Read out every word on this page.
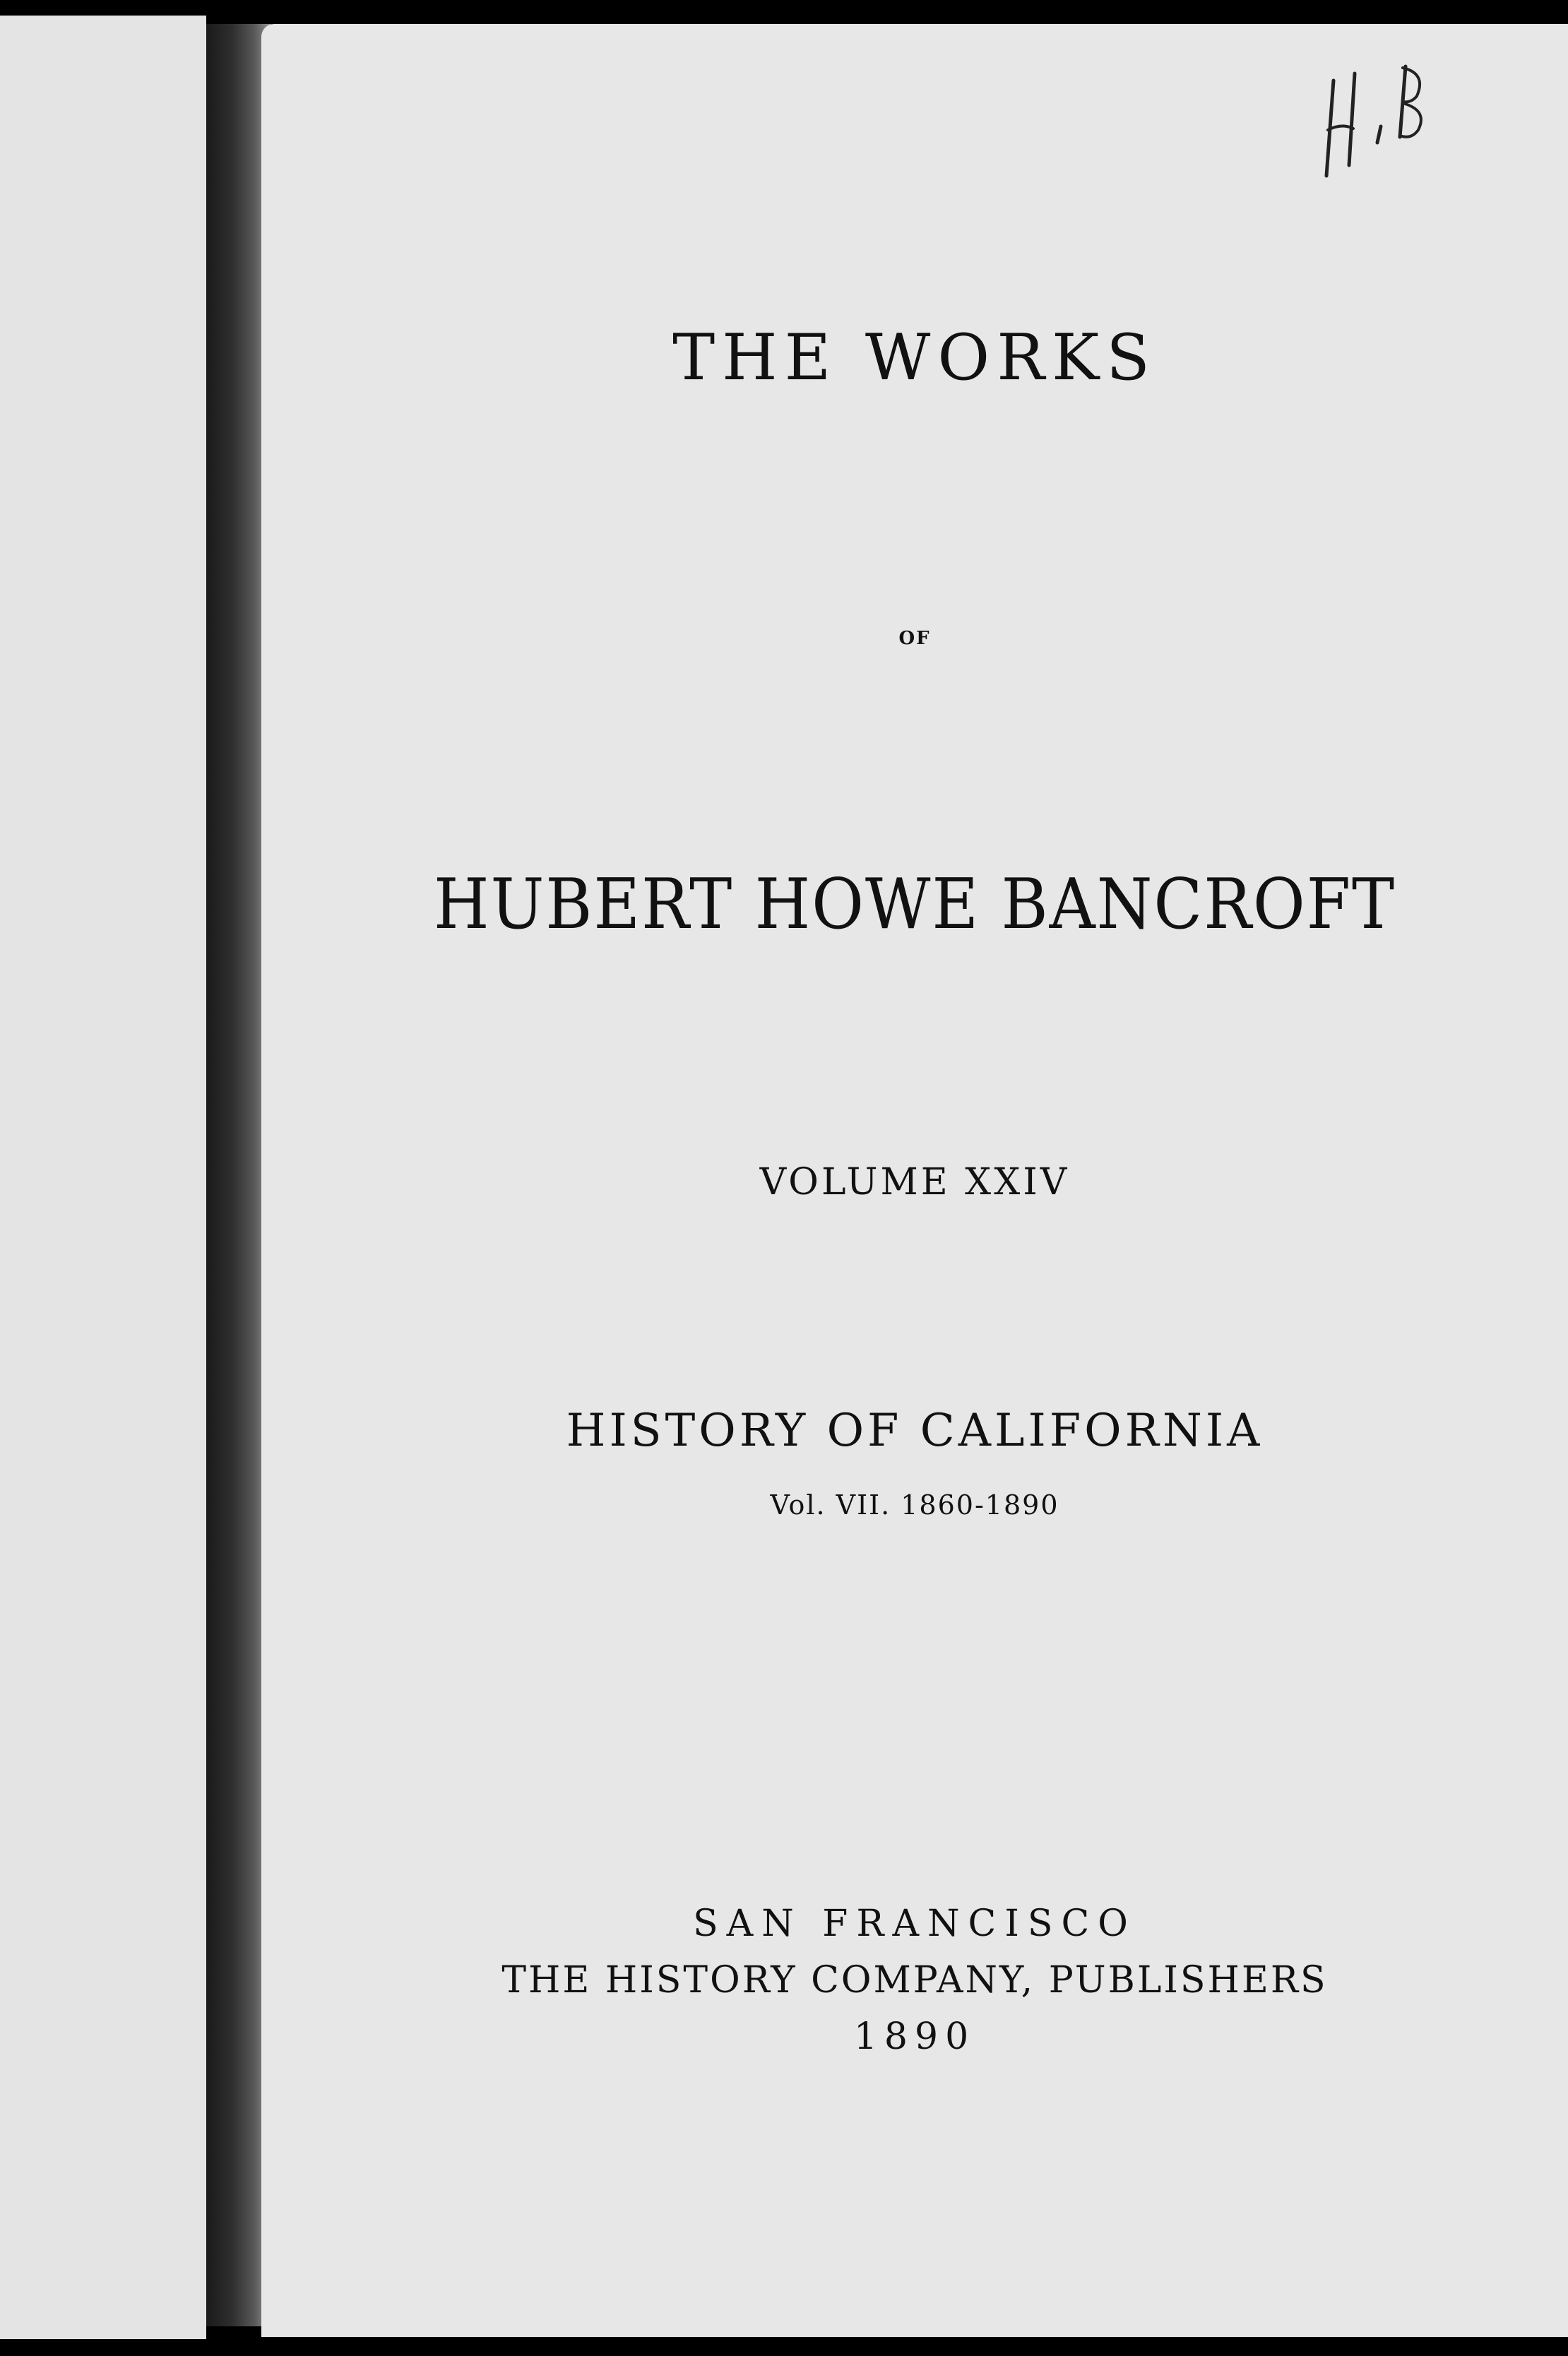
THE WORKS
OF
HUBERT HOWE BANCROFT
VOLUME XXIV
HISTORY OF CALIFORNIA
Vol. VII. 1860-1890
SAN FRANCISCO
THE HISTORY COMPANY, PUBLISHERS
1890
